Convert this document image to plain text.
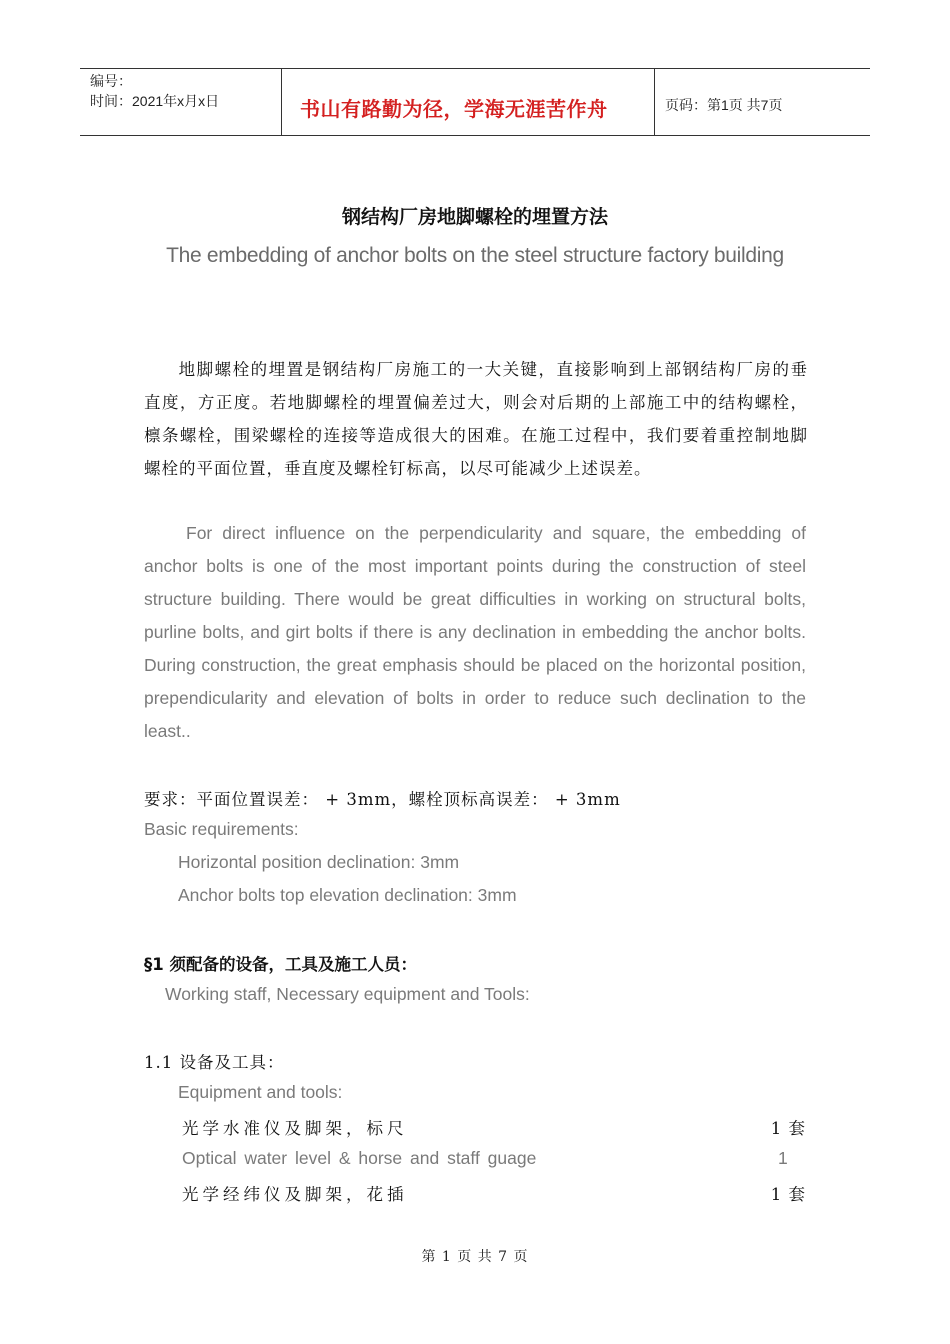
编号：
时间：2021年x月x日	书山有路勤为径，学海无涯苦作舟	页码：第1页 共7页
钢结构厂房地脚螺栓的埋置方法
The embedding of anchor bolts on the steel structure factory building
地脚螺栓的埋置是钢结构厂房施工的一大关键，直接影响到上部钢结构厂房的垂直度，方正度。若地脚螺栓的埋置偏差过大，则会对后期的上部施工中的结构螺栓，檩条螺栓，围梁螺栓的连接等造成很大的困难。在施工过程中，我们要着重控制地脚螺栓的平面位置，垂直度及螺栓钉标高，以尽可能减少上述误差。
For direct influence on the perpendicularity and square, the embedding of anchor bolts is one of the most important points during the construction of steel structure building. There would be great difficulties in working on structural bolts, purline bolts, and girt bolts if there is any declination in embedding the anchor bolts. During construction, the great emphasis should be placed on the horizontal position, prependicularity and elevation of bolts in order to reduce such declination to the least..
要求：平面位置误差： + 3mm，螺栓顶标高误差： + 3mm
Basic requirements:
Horizontal position declination: 3mm
Anchor bolts top elevation declination: 3mm
§1 须配备的设备，工具及施工人员：
Working staff, Necessary equipment and Tools:
1.1 设备及工具：
Equipment and tools:
光学水准仪及脚架，标尺	1 套
Optical water level & horse and staff guage	1
光学经纬仪及脚架，花插	1 套
第 1 页 共 7 页
